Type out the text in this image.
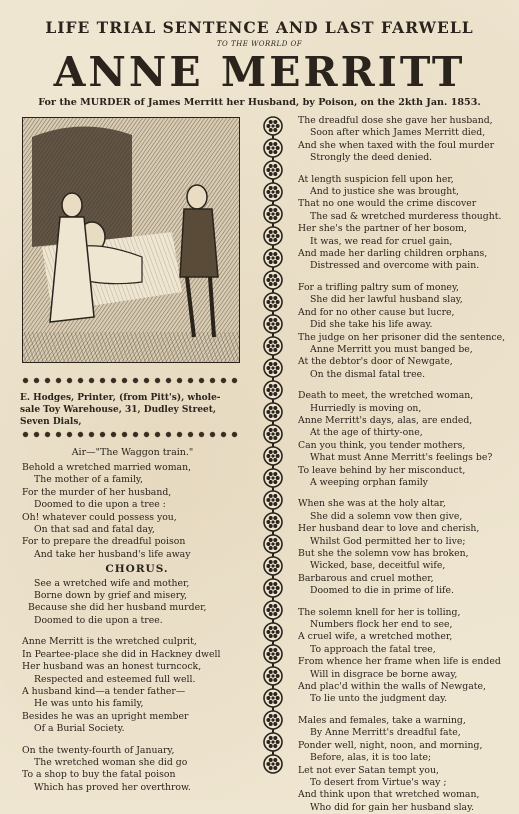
LIFE TRIAL SENTENCE AND LAST FARWELL
TO THE WORRLD OF
ANNE MERRITT
For the MURDER of James Merritt her Husband, by Poison, on the 2kth Jan. 1853.
E. Hodges, Printer, (from Pitt's), whole-
sale Toy Warehouse, 31, Dudley Street,
Seven Dials,
Air—"The Waggon train."
Behold a wretched married woman,
The mother of a family,
For the murder of her husband,
Doomed to die upon a tree :
Oh! whatever could possess you,
On that sad and fatal day,
For to prepare the dreadful poison
And take her husband's life away
CHORUS.
See a wretched wife and mother,
Borne down by grief and misery,
Because she did her husband murder,
Doomed to die upon a tree.
Anne Merritt is the wretched culprit,
In Peartee-place she did in Hackney dwell
Her husband was an honest turncock,
Respected and esteemed full well.
A husband kind—a tender father—
He was unto his family,
Besides he was an upright member
Of a Burial Society.
On the twenty-fourth of January,
The wretched woman she did go
To a shop to buy the fatal poison
Which has proved her overthrow.
The dreadful dose she gave her husband,
Soon after which James Merritt died,
And she when taxed with the foul murder
Strongly the deed denied.
At length suspicion fell upon her,
And to justice she was brought,
That no one would the crime discover
The sad & wretched murderess thought.
Her she's the partner of her bosom,
It was, we read for cruel gain,
And made her darling children orphans,
Distressed and overcome with pain.
For a trifling paltry sum of money,
She did her lawful husband slay,
And for no other cause but lucre,
Did she take his life away.
The judge on her prisoner did the sentence,
Anne Merritt you must banged be,
At the debtor's door of Newgate,
On the dismal fatal tree.
Death to meet, the wretched woman,
Hurriedly is moving on,
Anne Merritt's days, alas, are ended,
At the age of thirty-one,
Can you think, you tender mothers,
What must Anne Merritt's feelings be?
To leave behind by her misconduct,
A weeping orphan family
When she was at the holy altar,
She did a solemn vow then give,
Her husband dear to love and cherish,
Whilst God permitted her to live;
But she the solemn vow has broken,
Wicked, base, deceitful wife,
Barbarous and cruel mother,
Doomed to die in prime of life.
The solemn knell for her is tolling,
Numbers flock her end to see,
A cruel wife, a wretched mother,
To approach the fatal tree,
From whence her frame when life is ended
Will in disgrace be borne away,
And plac'd within the walls of Newgate,
To lie unto the judgment day.
Males and females, take a warning,
By Anne Merritt's dreadful fate,
Ponder well, night, noon, and morning,
Before, alas, it is too late;
Let not ever Satan tempt you,
To desert from Virtue's way ;
And think upon that wretched woman,
Who did for gain her husband slay.
